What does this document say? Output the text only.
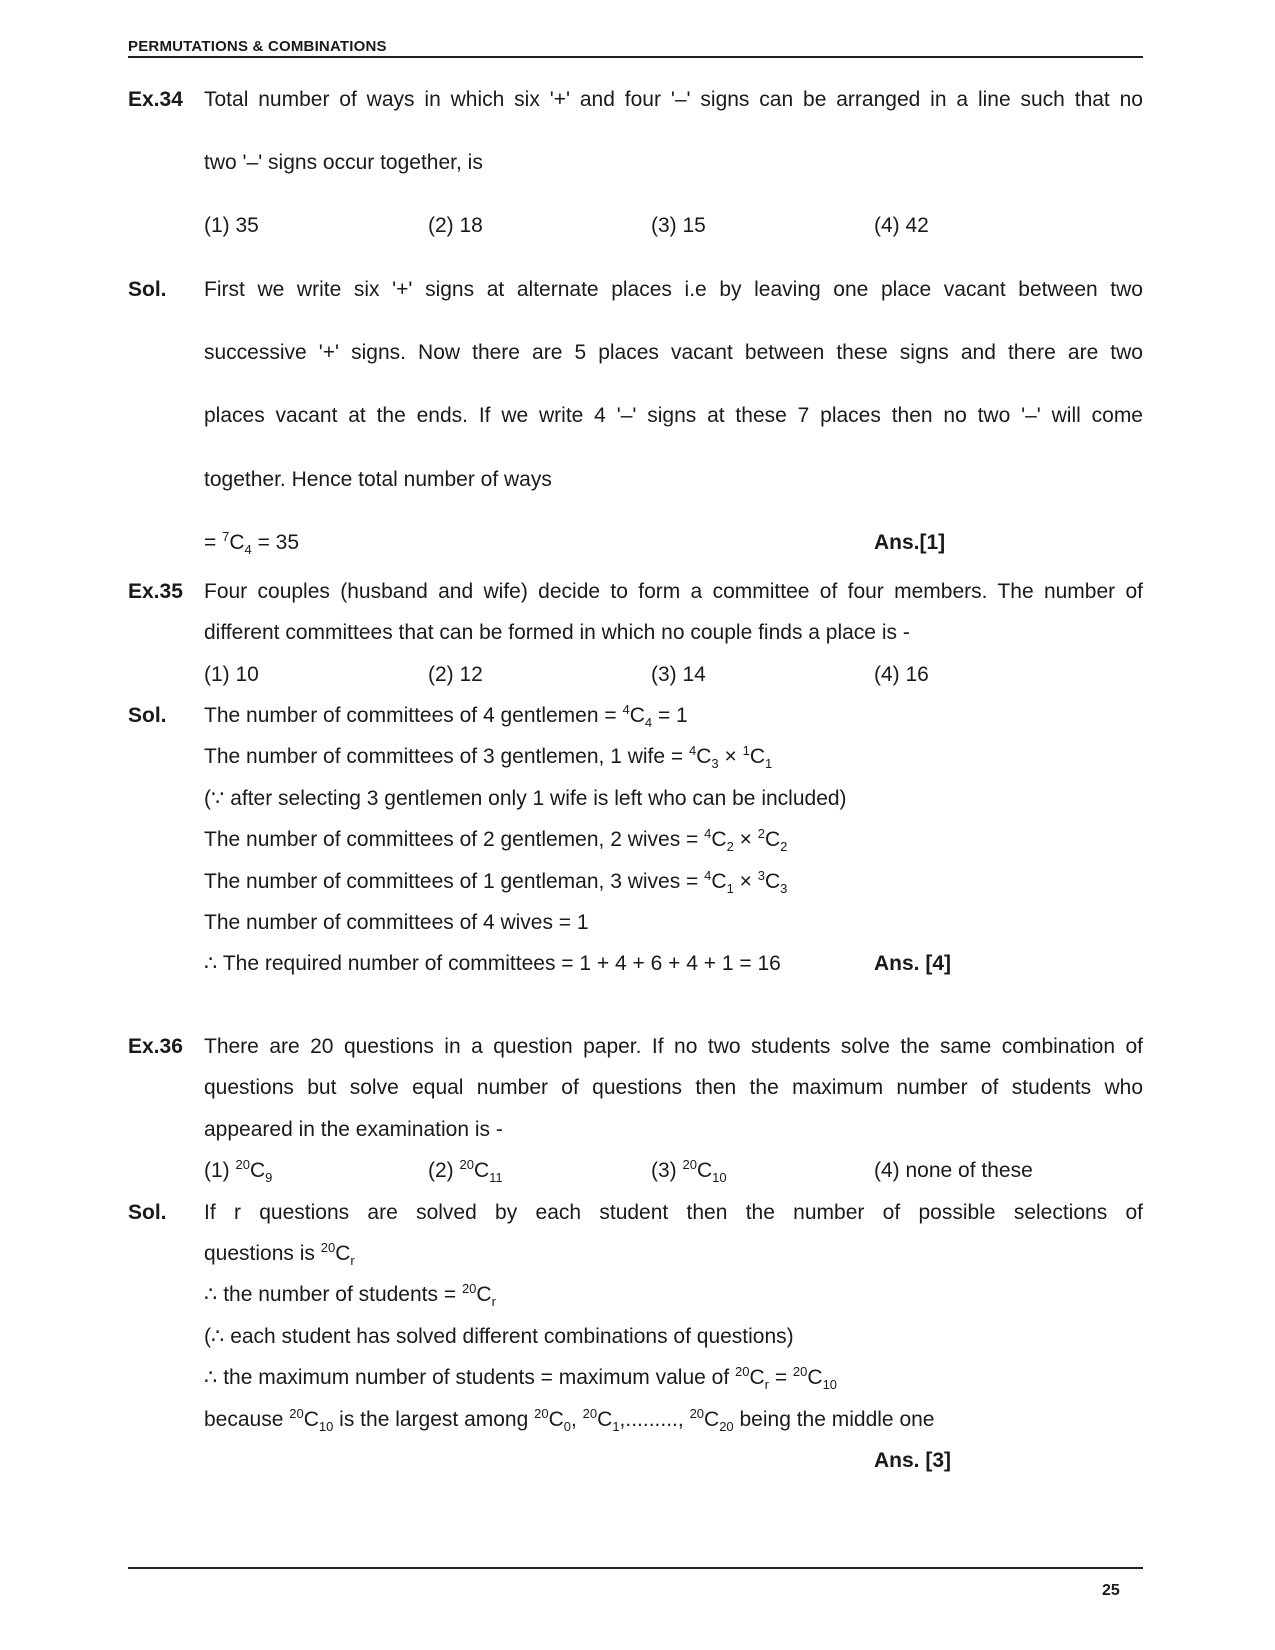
PERMUTATIONS & COMBINATIONS
Ex.34 Total number of ways in which six '+' and four '–' signs can be arranged in a line such that no
two '–' signs occur together, is
(1) 35	(2) 18	(3) 15	(4) 42
Sol. First we write six '+' signs at alternate places i.e by leaving one place vacant between two
successive '+' signs. Now there are 5 places vacant between these signs and there are two
places vacant at the ends. If we write 4 '–' signs at these 7 places then no two '–' will come
together. Hence total number of ways
= $^7C_4 = 35$	Ans.[1]
Ex.35 Four couples (husband and wife) decide to form a committee of four members. The number of
different committees that can be formed in which no couple finds a place is -
(1) 10	(2) 12	(3) 14	(4) 16
Sol. The number of committees of 4 gentlemen = $^4C_4 = 1$
The number of committees of 3 gentlemen, 1 wife = $^4C_3 \times ^1C_1$
(∵ after selecting 3 gentlemen only 1 wife is left who can be included)
The number of committees of 2 gentlemen, 2 wives = $^4C_2 \times ^2C_2$
The number of committees of 1 gentleman, 3 wives = $^4C_1 \times ^3C_3$
The number of committees of 4 wives = 1
∴ The required number of committees = 1 + 4 + 6 + 4 + 1 = 16	Ans. [4]
Ex.36 There are 20 questions in a question paper. If no two students solve the same combination of
questions but solve equal number of questions then the maximum number of students who
appeared in the examination is -
(1) $^{20}C_9$	(2) $^{20}C_{11}$	(3) $^{20}C_{10}$	(4) none of these
Sol. If r questions are solved by each student then the number of possible selections of
questions is $^{20}C_r$
∴ the number of students = $^{20}C_r$
(∴ each student has solved different combinations of questions)
∴ the maximum number of students = maximum value of $^{20}C_r = ^{20}C_{10}$
because $^{20}C_{10}$ is the largest among $^{20}C_0$, $^{20}C_1$,........., $^{20}C_{20}$ being the middle one
Ans. [3]
25
